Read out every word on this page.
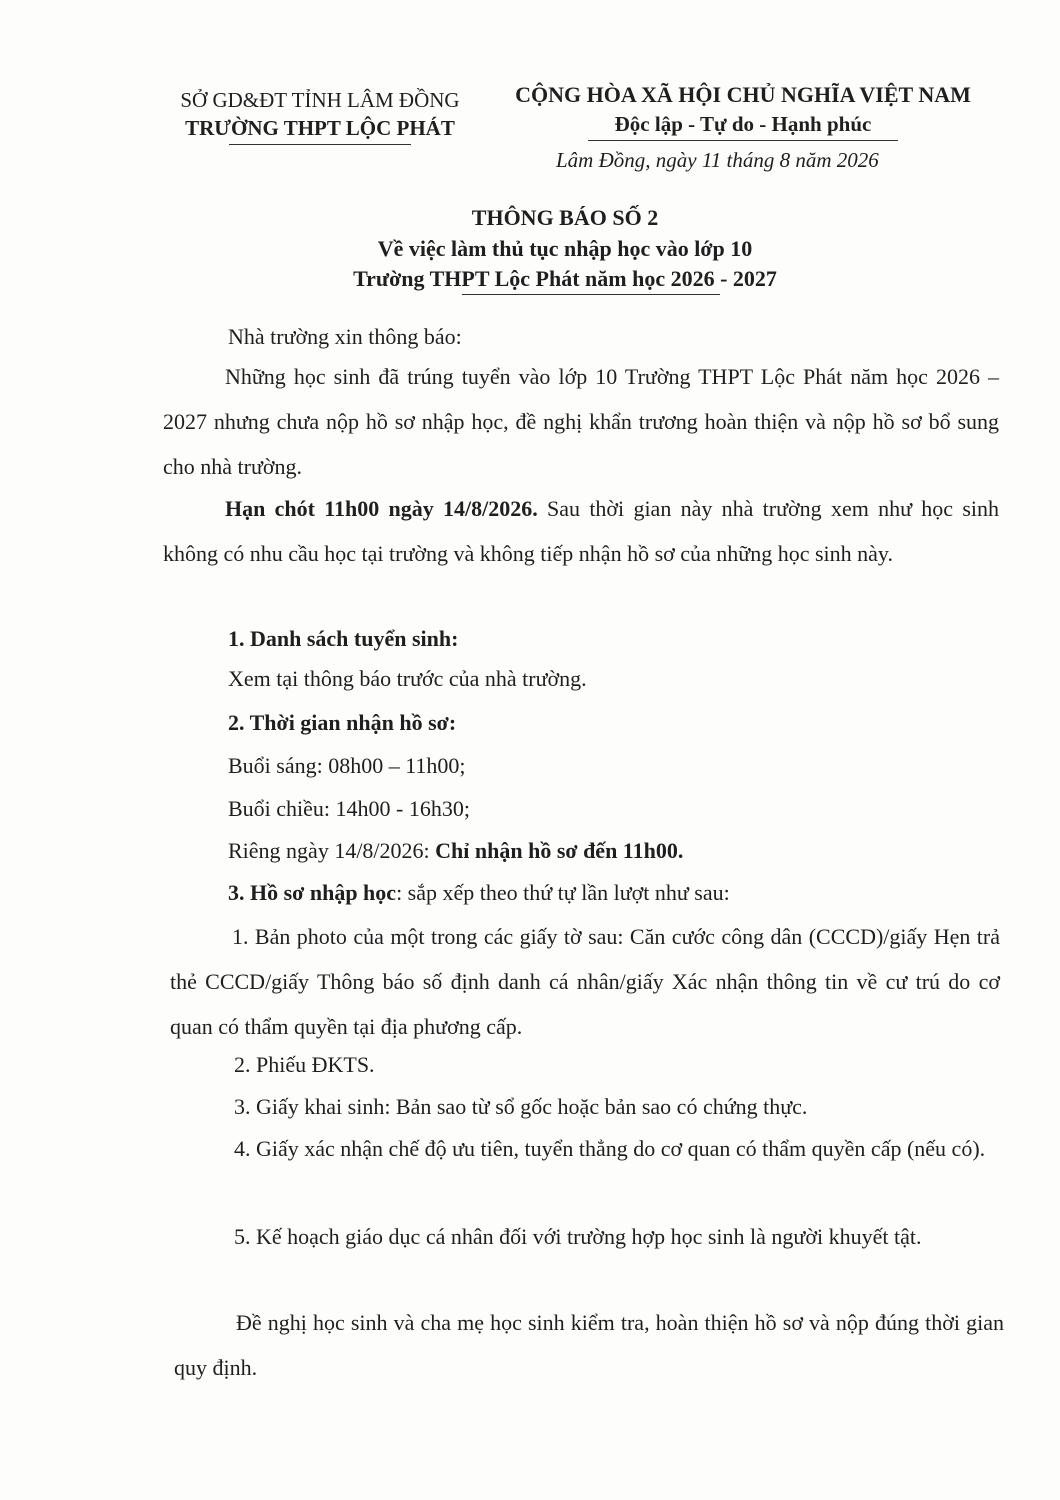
SỞ GD&ĐT TỈNH LÂM ĐỒNG
TRƯỜNG THPT LỘC PHÁT
CỘNG HÒA XÃ HỘI CHỦ NGHĨA VIỆT NAM
Độc lập - Tự do - Hạnh phúc
Lâm Đồng, ngày 11 tháng 8 năm 2026
THÔNG BÁO SỐ 2
Về việc làm thủ tục nhập học vào lớp 10
Trường THPT Lộc Phát năm học 2026 - 2027
Nhà trường xin thông báo:
Những học sinh đã trúng tuyển vào lớp 10 Trường THPT Lộc Phát năm học 2026 – 2027 nhưng chưa nộp hồ sơ nhập học, đề nghị khẩn trương hoàn thiện và nộp hồ sơ bổ sung cho nhà trường.
Hạn chót 11h00 ngày 14/8/2026. Sau thời gian này nhà trường xem như học sinh không có nhu cầu học tại trường và không tiếp nhận hồ sơ của những học sinh này.
1. Danh sách tuyển sinh:
Xem tại thông báo trước của nhà trường.
2. Thời gian nhận hồ sơ:
Buổi sáng: 08h00 – 11h00;
Buổi chiều: 14h00 - 16h30;
Riêng ngày 14/8/2026: Chỉ nhận hồ sơ đến 11h00.
3. Hồ sơ nhập học: sắp xếp theo thứ tự lần lượt như sau:
1. Bản photo của một trong các giấy tờ sau: Căn cước công dân (CCCD)/giấy Hẹn trả thẻ CCCD/giấy Thông báo số định danh cá nhân/giấy Xác nhận thông tin về cư trú do cơ quan có thẩm quyền tại địa phương cấp.
2. Phiếu ĐKTS.
3. Giấy khai sinh: Bản sao từ sổ gốc hoặc bản sao có chứng thực.
4. Giấy xác nhận chế độ ưu tiên, tuyển thẳng do cơ quan có thẩm quyền cấp (nếu có).
5. Kế hoạch giáo dục cá nhân đối với trường hợp học sinh là người khuyết tật.
Đề nghị học sinh và cha mẹ học sinh kiểm tra, hoàn thiện hồ sơ và nộp đúng thời gian quy định.
